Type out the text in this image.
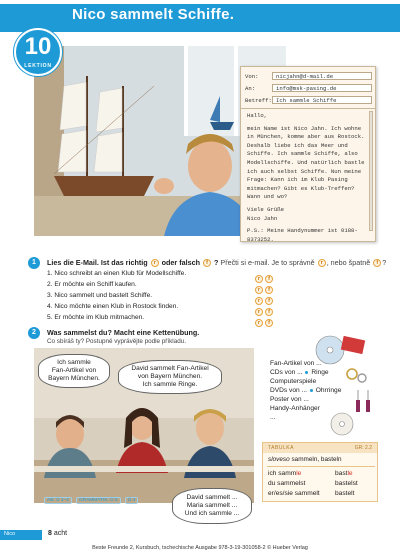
Nico sammelt Schiffe.
10
LEKTION
Von:	nicjahn@d-mail.de
An:	info@msk-pasing.de
Betreff: Ich sammle Schiffe

Hallo,

mein Name ist Nico Jahn. Ich wohne in München, komme aber aus Rostock. Deshalb liebe ich das Meer und Schiffe. Ich sammle Schiffe, also Modellschiffe. Und natürlich bastle ich auch selbst Schiffe. Nun meine Frage: Kann ich im Klub Pasing mitmachen? Gibt es Klub-Treffen? Wann und wo?

Viele Grüße

Nico Jahn

P.S.: Meine Handynummer ist 0188-8373252.

1	Lies die E-Mail. Ist das richtig r oder falsch f ? Přečti si e-mail. Je to správně r , nebo špatně f ?
1. Nico schreibt an einen Klub für Modellschiffe.
2. Er möchte ein Schiff kaufen.
3. Nico sammelt und bastelt Schiffe.
4. Nico möchte einen Klub in Rostock finden.
5. Er möchte im Klub mitmachen.
r f
r f
r f
r f
r f
2	Was sammelst du? Macht eine Kettenübung.
Co sbíráš ty? Postupně vyprávějte podle příkladu.
Ich sammle
Fan-Artikel von
Bayern München.
David sammelt Fan-Artikel
von Bayern München.
Ich sammle Ringe.
David sammelt ...
Maria sammelt ...
Und ich sammle ...
Fan-Artikel von ...
CDs von ... Ringe
Computerspiele
DVDs von ... Ohrringe
Poster von ...
Handy-Anhänger
...
TABULKA	GR: 2.2
sloveso sammeln, basteln
ich sammle	bastle
du sammelst	bastelst
er/es/sie sammelt bastelt
AB: Ü 1–2 GRAMMATIK: Ü 5 Ü 4
Nico	8 acht
Beste Freunde 2, Kursbuch, tschechische Ausgabe 978-3-19-301058-2 © Hueber Verlag
